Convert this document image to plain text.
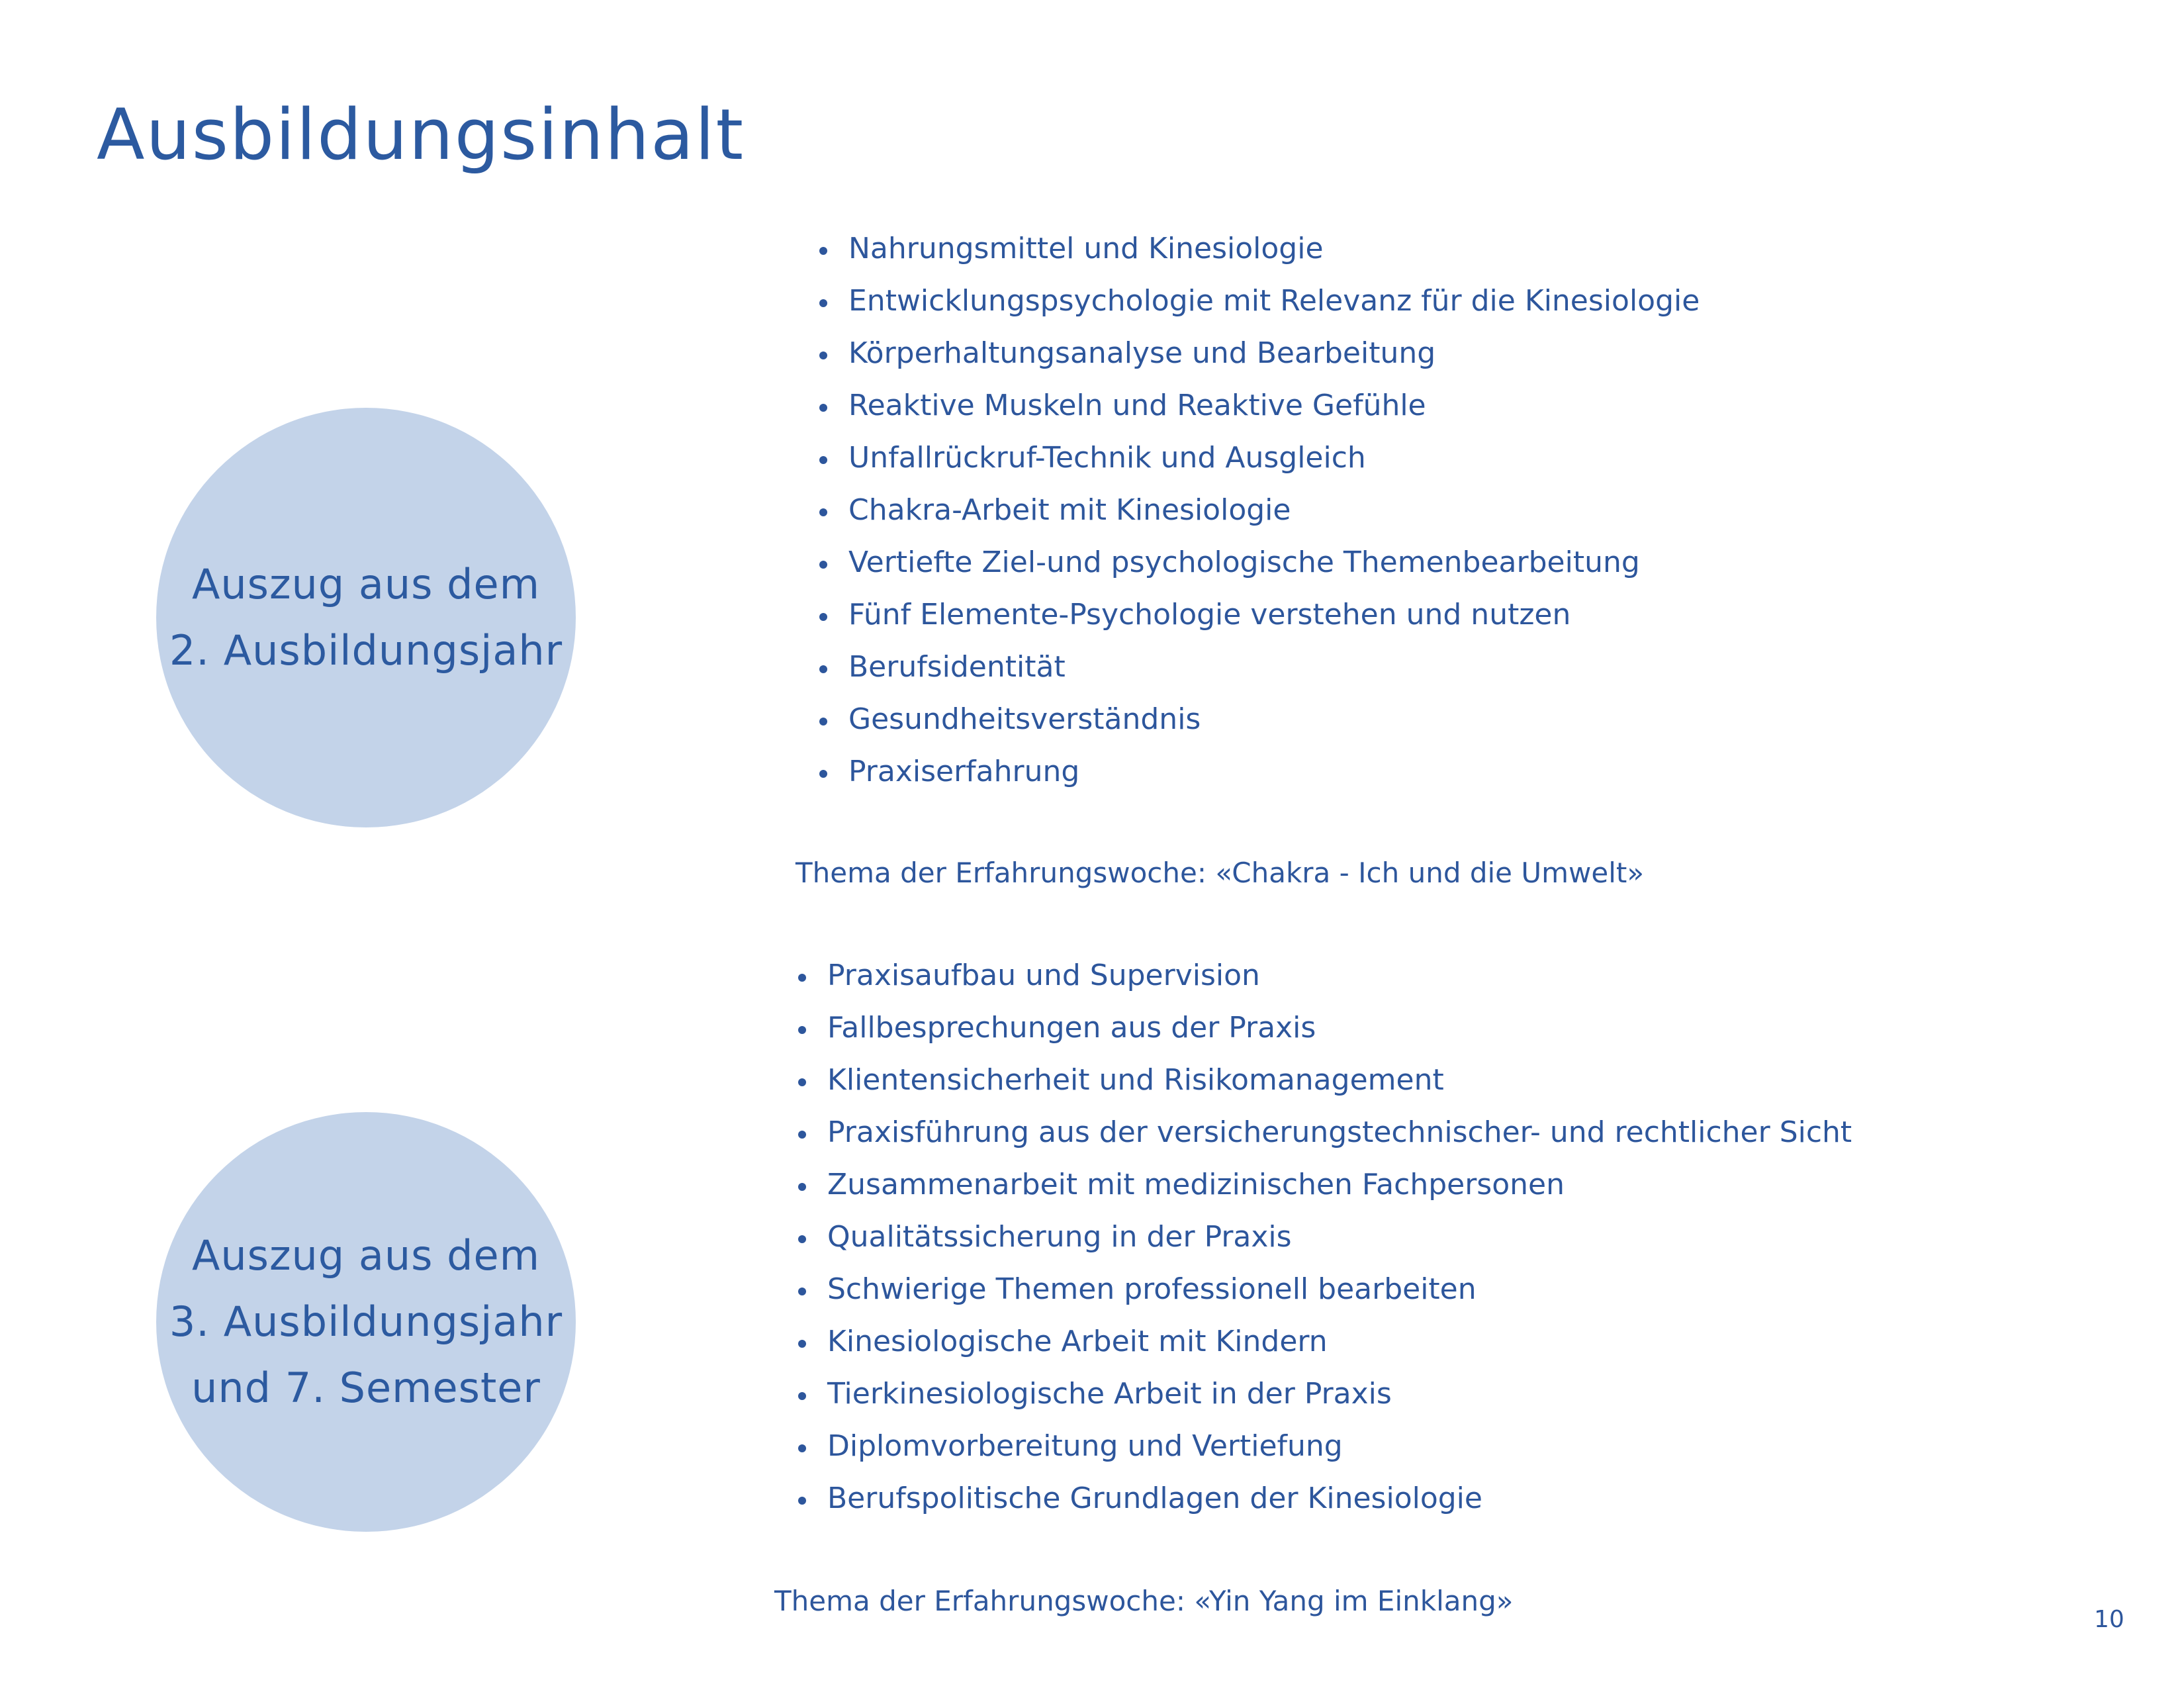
Ausbildungsinhalt
Auszug aus dem
2. Ausbildungsjahr
Nahrungsmittel und Kinesiologie
Entwicklungspsychologie mit Relevanz für die Kinesiologie
Körperhaltungsanalyse und Bearbeitung
Reaktive Muskeln und Reaktive Gefühle
Unfallrückruf-Technik und Ausgleich
Chakra-Arbeit mit Kinesiologie
Vertiefte Ziel-und psychologische Themenbearbeitung
Fünf Elemente-Psychologie verstehen und nutzen
Berufsidentität
Gesundheitsverständnis
Praxiserfahrung
Thema der Erfahrungswoche: «Chakra - Ich und die Umwelt»
Auszug aus dem
3. Ausbildungsjahr
und 7. Semester
Praxisaufbau und Supervision
Fallbesprechungen aus der Praxis
Klientensicherheit und Risikomanagement
Praxisführung aus der versicherungstechnischer- und rechtlicher Sicht
Zusammenarbeit mit medizinischen Fachpersonen
Qualitätssicherung in der Praxis
Schwierige Themen professionell bearbeiten
Kinesiologische Arbeit mit Kindern
Tierkinesiologische Arbeit in der Praxis
Diplomvorbereitung und Vertiefung
Berufspolitische Grundlagen der Kinesiologie
Thema der Erfahrungswoche: «Yin Yang im Einklang»
10
